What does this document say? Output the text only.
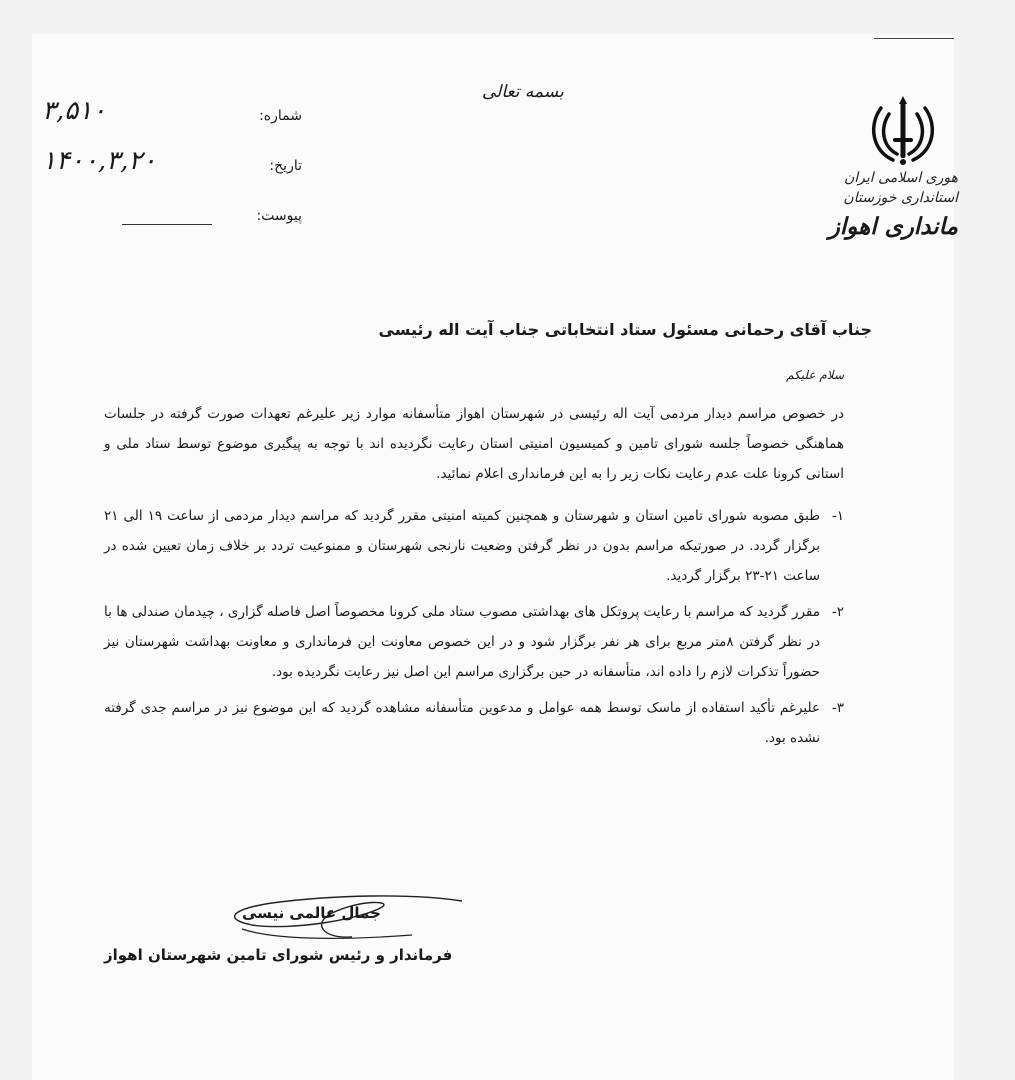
هوری اسلامی ایران
استانداری خوزستان
ماندارى اهواز
بسمه تعالی
شماره:
۳,۵۱۰
تاریخ:
۱۴۰۰,۳,۲۰
پیوست:
جناب آقای رحمانی مسئول ستاد انتخاباتی جناب آیت اله رئیسی
سلام علیکم

در خصوص مراسم دیدار مردمی آیت اله رئیسی در شهرستان اهواز متأسفانه موارد زیر علیرغم تعهدات صورت گرفته در جلسات هماهنگی خصوصاً جلسه شورای تامین و کمیسیون امنیتی استان رعایت نگردیده اند با توجه به پیگیری موضوع توسط ستاد ملی و استانی کرونا علت عدم رعایت نکات زیر را به این فرمانداری اعلام نمائید.

۱-
طبق مصوبه شورای تامین استان و شهرستان و همچنین کمیته امنیتی مقرر گردید که مراسم دیدار مردمی از ساعت ۱۹ الی ۲۱ برگزار گردد. در صورتیکه مراسم بدون در نظر گرفتن وضعیت نارنجی شهرستان و ممنوعیت تردد بر خلاف زمان تعیین شده در ساعت ۲۱-۲۳ برگزار گردید.
۲-
مقرر گردید که مراسم با رعایت پروتکل های بهداشتی مصوب ستاد ملی کرونا مخصوصاً اصل فاصله گزاری ، چیدمان صندلی ها با در نظر گرفتن ۸متر مربع برای هر نفر برگزار شود و در این خصوص معاونت این فرمانداری و معاونت بهداشت شهرستان نیز حضوراً تذکرات لازم را داده اند، متأسفانه در حین برگزاری مراسم این اصل نیز رعایت نگردیده بود.
۳-
علیرغم تأکید استفاده از ماسک توسط همه عوامل و مدعوین متأسفانه مشاهده گردید که این موضوع نیز در مراسم جدی گرفته نشده بود.
جمال عالمی نیسی
فرماندار و رئیس شورای تامین شهرستان اهواز
